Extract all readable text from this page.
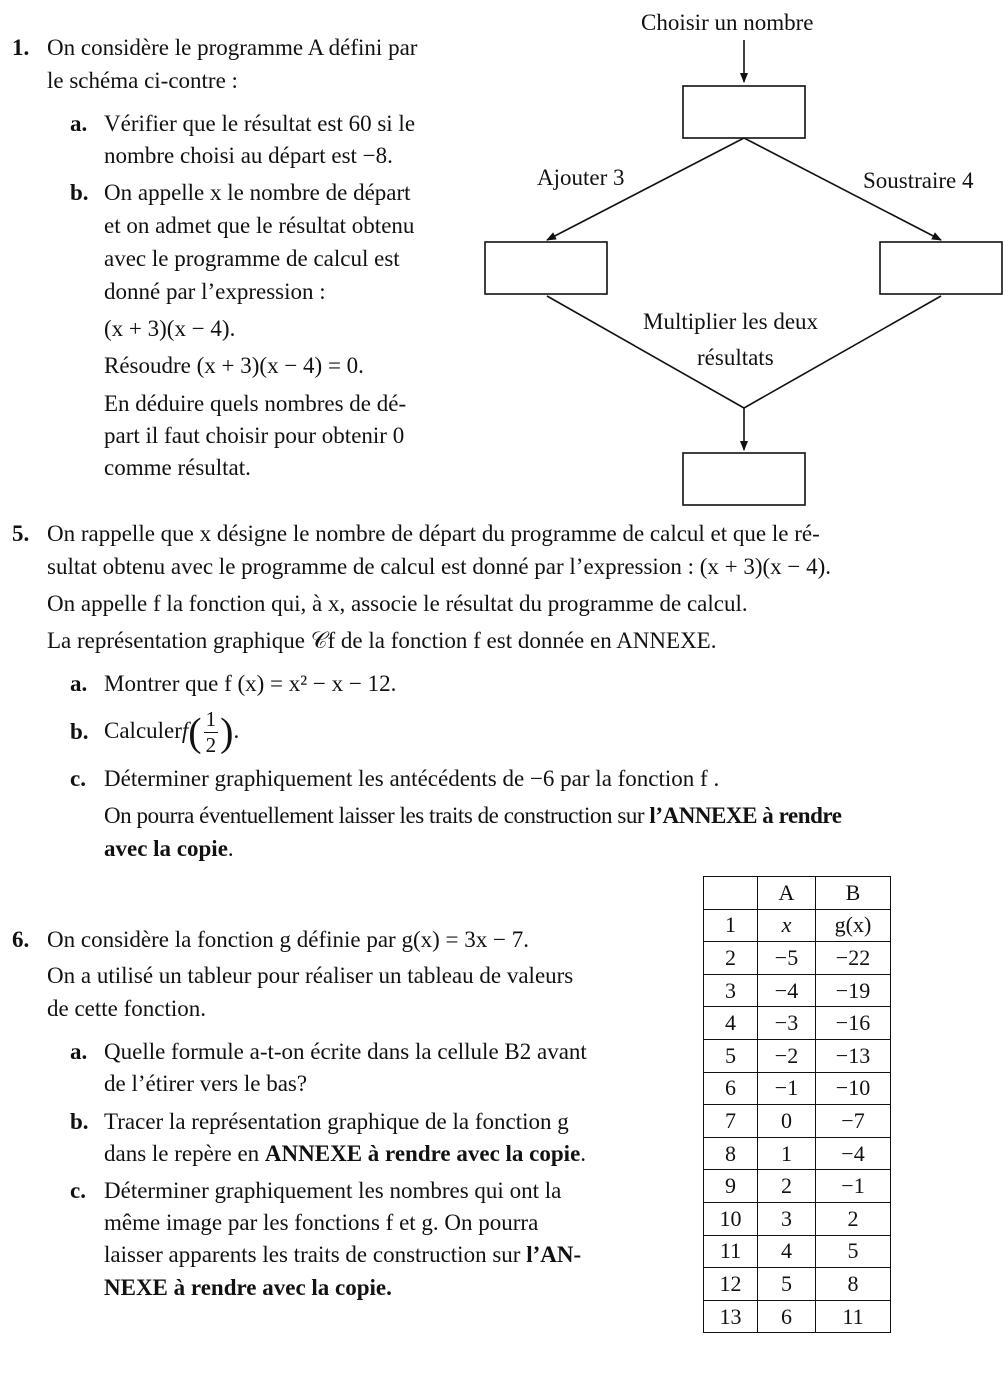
Choisir un nombre
Ajouter 3	Soustraire 4
Multiplier les deux
résultats
1. On considère le programme A défini par
le schéma ci-contre :
a. Vérifier que le résultat est 60 si le
nombre choisi au départ est −8.
b. On appelle x le nombre de départ
et on admet que le résultat obtenu
avec le programme de calcul est
donné par l’expression :
(x + 3)(x − 4).
Résoudre (x + 3)(x − 4) = 0.
En déduire quels nombres de dé-
part il faut choisir pour obtenir 0
comme résultat.
5. On rappelle que x désigne le nombre de départ du programme de calcul et que le ré-
sultat obtenu avec le programme de calcul est donné par l’expression : (x + 3)(x − 4).
On appelle f la fonction qui, à x, associe le résultat du programme de calcul.
La représentation graphique 𝒞f de la fonction f est donnée en ANNEXE.
a. Montrer que f (x) = x² − x − 12.
b. Calculerf( $\frac{1}{2}$ ).
c. Déterminer graphiquement les antécédents de −6 par la fonction f .
On pourra éventuellement laisser les traits de construction sur l’ANNEXE à rendre
avec la copie.
6. On considère la fonction g définie par g(x) = 3x − 7.
On a utilisé un tableur pour réaliser un tableau de valeurs
de cette fonction.
a. Quelle formule a-t-on écrite dans la cellule B2 avant
de l’étirer vers le bas?
b. Tracer la représentation graphique de la fonction g
dans le repère en ANNEXE à rendre avec la copie.
c. Déterminer graphiquement les nombres qui ont la
même image par les fonctions f et g. On pourra
laisser apparents les traits de construction sur l’AN-
NEXE à rendre avec la copie.
	A	B
1	x	g(x)
2	−5	−22
3	−4	−19
4	−3	−16
5	−2	−13
6	−1	−10
7	0	−7
8	1	−4
9	2	−1
10	3	2
11	4	5
12	5	8
13	6	11
